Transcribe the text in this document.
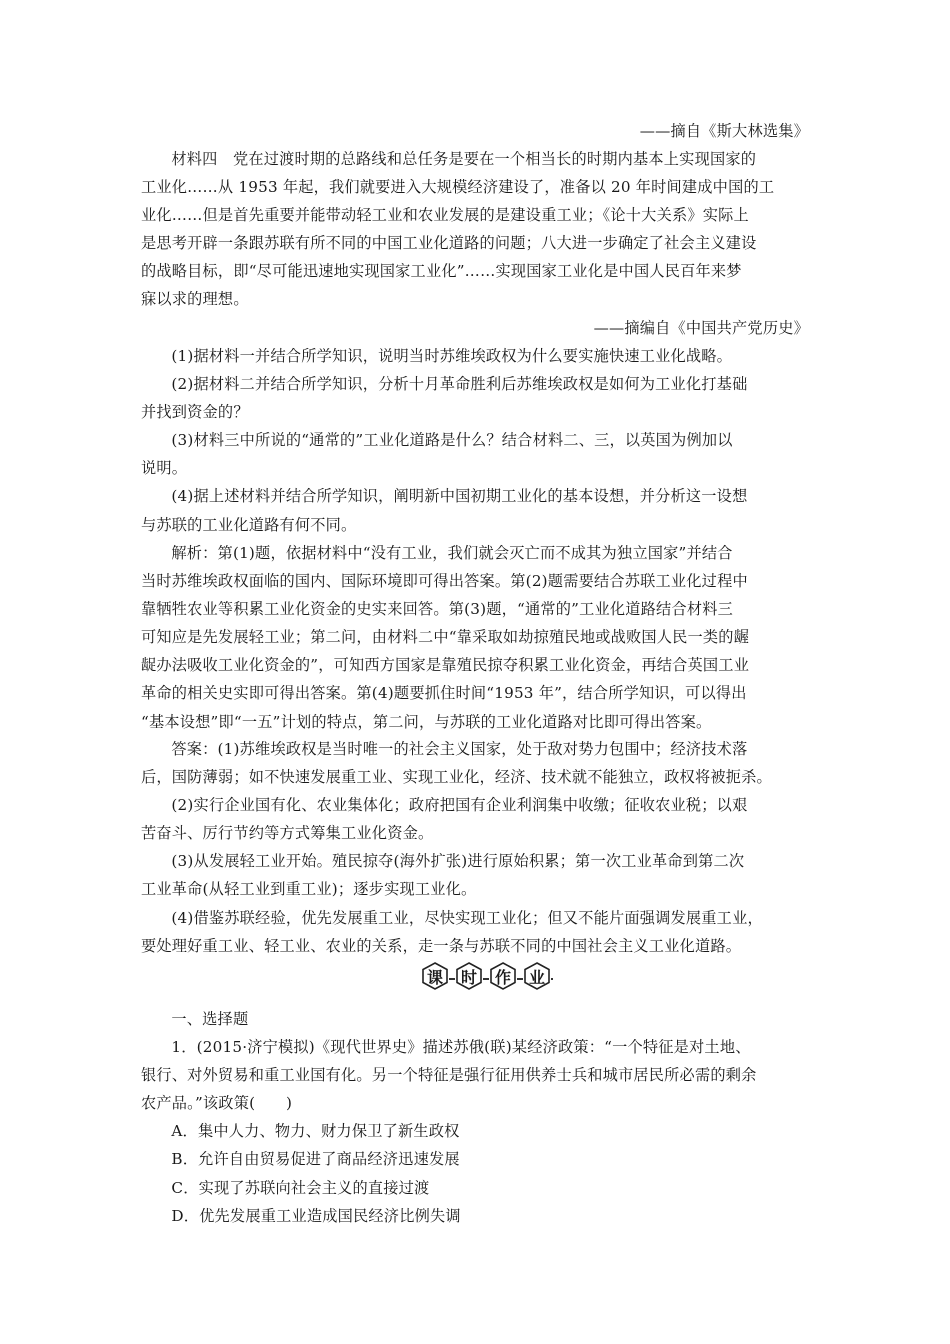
——摘自《斯大林选集》

材料四　党在过渡时期的总路线和总任务是要在一个相当长的时期内基本上实现国家的

工业化……从 1953 年起，我们就要进入大规模经济建设了，准备以 20 年时间建成中国的工

业化……但是首先重要并能带动轻工业和农业发展的是建设重工业；《论十大关系》实际上

是思考开辟一条跟苏联有所不同的中国工业化道路的问题；八大进一步确定了社会主义建设

的战略目标，即“尽可能迅速地实现国家工业化”……实现国家工业化是中国人民百年来梦

寐以求的理想。

——摘编自《中国共产党历史》

(1)据材料一并结合所学知识，说明当时苏维埃政权为什么要实施快速工业化战略。

(2)据材料二并结合所学知识，分析十月革命胜利后苏维埃政权是如何为工业化打基础

并找到资金的？

(3)材料三中所说的“通常的”工业化道路是什么？结合材料二、三，以英国为例加以

说明。

(4)据上述材料并结合所学知识，阐明新中国初期工业化的基本设想，并分析这一设想

与苏联的工业化道路有何不同。

解析：第(1)题，依据材料中“没有工业，我们就会灭亡而不成其为独立国家”并结合

当时苏维埃政权面临的国内、国际环境即可得出答案。第(2)题需要结合苏联工业化过程中

靠牺牲农业等积累工业化资金的史实来回答。第(3)题，“通常的”工业化道路结合材料三

可知应是先发展轻工业；第二问，由材料二中“靠采取如劫掠殖民地或战败国人民一类的龌

龊办法吸收工业化资金的”，可知西方国家是靠殖民掠夺积累工业化资金，再结合英国工业

革命的相关史实即可得出答案。第(4)题要抓住时间“1953 年”，结合所学知识，可以得出

“基本设想”即“一五”计划的特点，第二问，与苏联的工业化道路对比即可得出答案。

答案：(1)苏维埃政权是当时唯一的社会主义国家，处于敌对势力包围中；经济技术落

后，国防薄弱；如不快速发展重工业、实现工业化，经济、技术就不能独立，政权将被扼杀。

(2)实行企业国有化、农业集体化；政府把国有企业利润集中收缴；征收农业税；以艰

苦奋斗、厉行节约等方式筹集工业化资金。

(3)从发展轻工业开始。殖民掠夺(海外扩张)进行原始积累；第一次工业革命到第二次

工业革命(从轻工业到重工业)；逐步实现工业化。

(4)借鉴苏联经验，优先发展重工业，尽快实现工业化；但又不能片面强调发展重工业，

要处理好重工业、轻工业、农业的关系，走一条与苏联不同的中国社会主义工业化道路。

课 时 作 业

一、选择题

1．(2015·济宁模拟)《现代世界史》描述苏俄(联)某经济政策：“一个特征是对土地、

银行、对外贸易和重工业国有化。另一个特征是强行征用供养士兵和城市居民所必需的剩余

农产品。”该政策(　　)

A．集中人力、物力、财力保卫了新生政权

B．允许自由贸易促进了商品经济迅速发展

C．实现了苏联向社会主义的直接过渡

D．优先发展重工业造成国民经济比例失调
